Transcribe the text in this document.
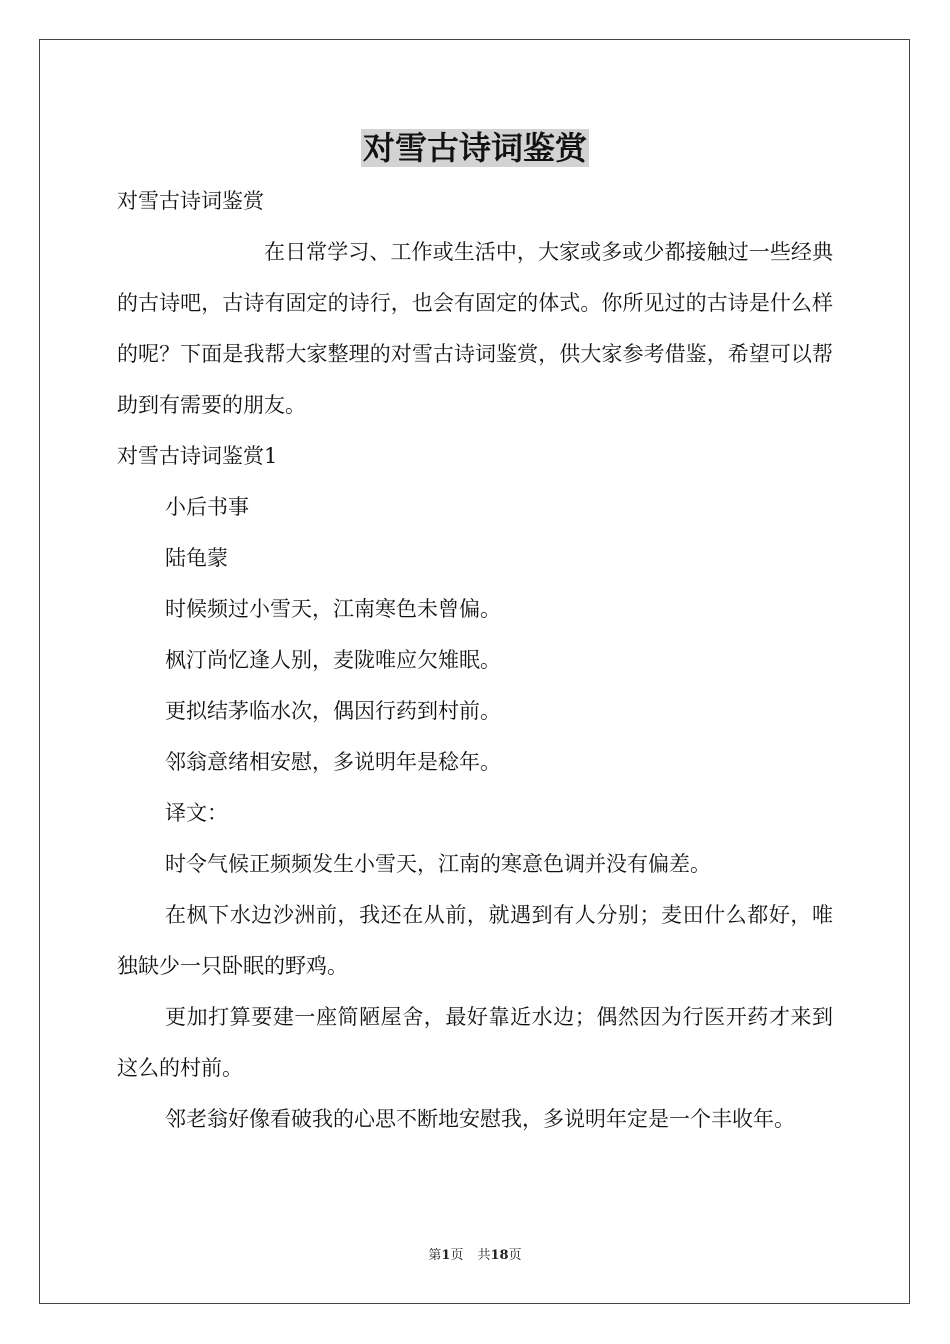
对雪古诗词鉴赏

对雪古诗词鉴赏

在日常学习、工作或生活中，大家或多或少都接触过一些经典的古诗吧，古诗有固定的诗行，也会有固定的体式。你所见过的古诗是什么样的呢？下面是我帮大家整理的对雪古诗词鉴赏，供大家参考借鉴，希望可以帮助到有需要的朋友。

对雪古诗词鉴赏1

小后书事

陆龟蒙

时候频过小雪天，江南寒色未曾偏。

枫汀尚忆逢人别，麦陇唯应欠雉眠。

更拟结茅临水次，偶因行药到村前。

邻翁意绪相安慰，多说明年是稔年。

译文：

时令气候正频频发生小雪天，江南的寒意色调并没有偏差。

在枫下水边沙洲前，我还在从前，就遇到有人分别；麦田什么都好，唯独缺少一只卧眠的野鸡。

更加打算要建一座简陋屋舍，最好靠近水边；偶然因为行医开药才来到这么的村前。

邻老翁好像看破我的心思不断地安慰我，多说明年定是一个丰收年。

第1页 共18页
